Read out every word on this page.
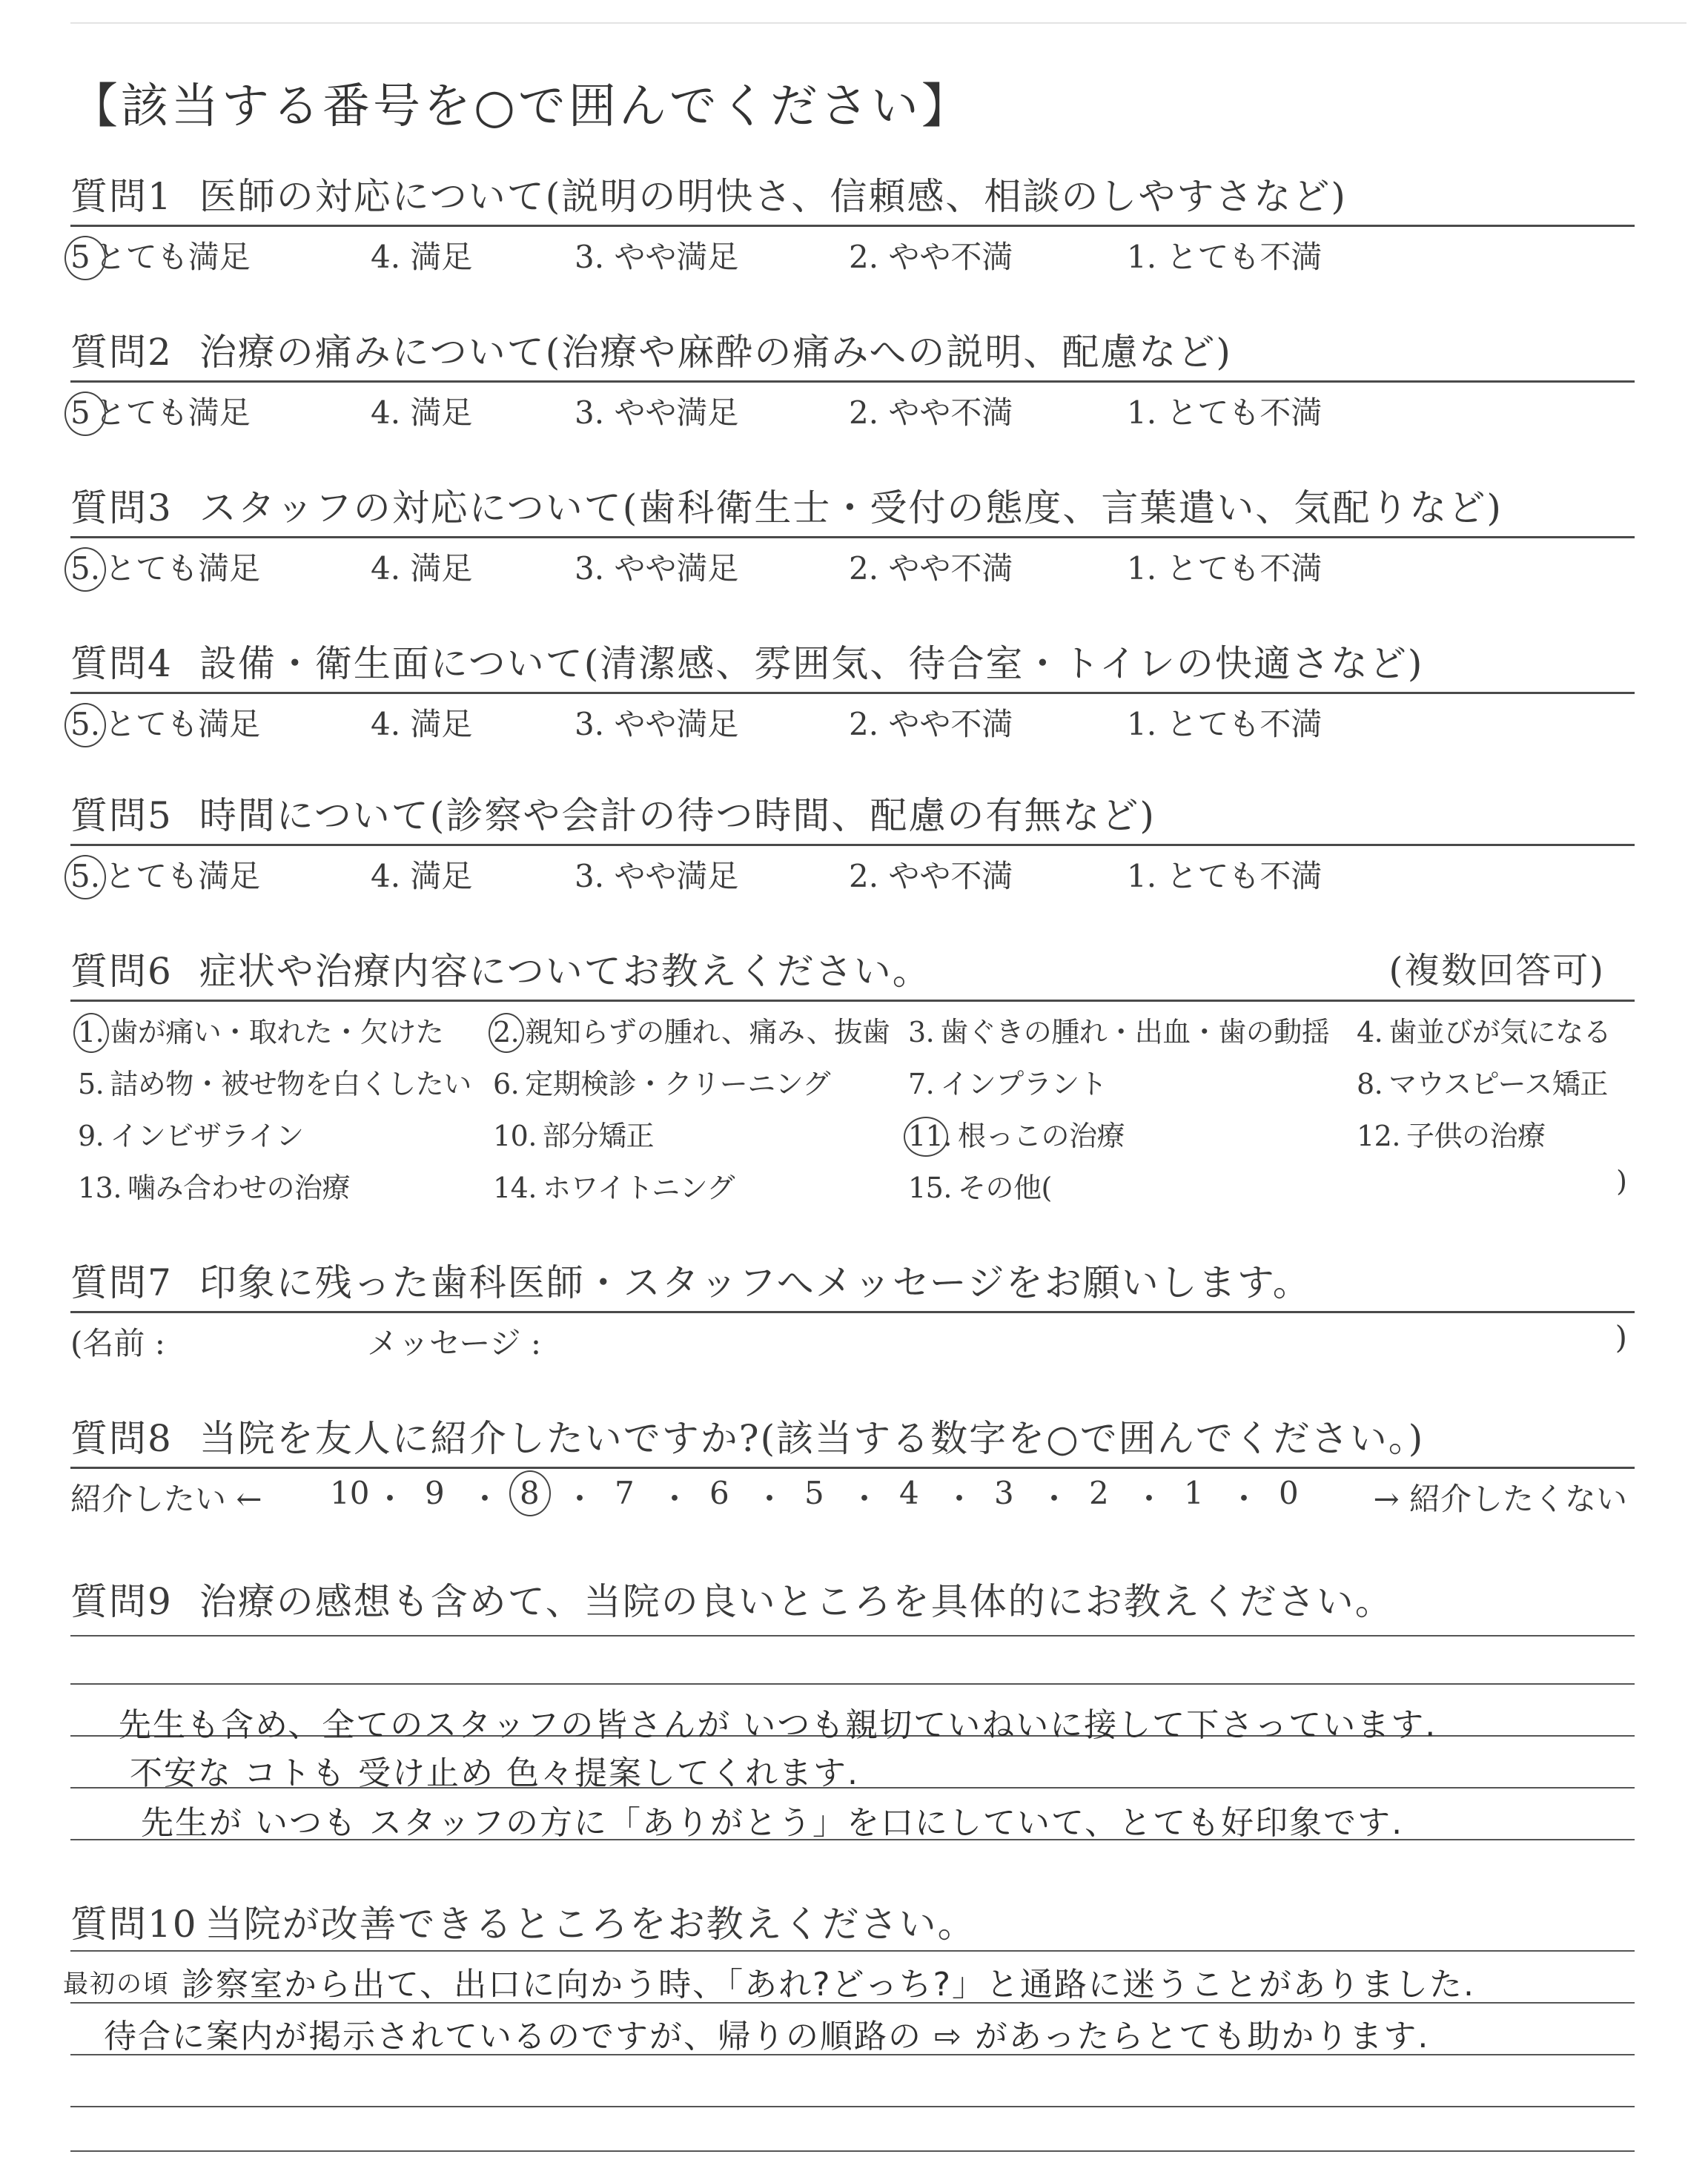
【該当する番号を○で囲んでください】
質問1 医師の対応について(説明の明快さ、信頼感、相談のしやすさなど)
5 とても満足	4. 満足	3. やや満足	2. やや不満	1. とても不満
質問2 治療の痛みについて(治療や麻酔の痛みへの説明、配慮など)
5 とても満足	4. 満足	3. やや満足	2. やや不満	1. とても不満
質問3 スタッフの対応について(歯科衛生士・受付の態度、言葉遣い、気配りなど)
5. とても満足	4. 満足	3. やや満足	2. やや不満	1. とても不満
質問4 設備・衛生面について(清潔感、雰囲気、待合室・トイレの快適さなど)
5. とても満足	4. 満足	3. やや満足	2. やや不満	1. とても不満
質問5 時間について(診察や会計の待つ時間、配慮の有無など)
5. とても満足	4. 満足	3. やや満足	2. やや不満	1. とても不満
質問6 症状や治療内容についてお教えください。	(複数回答可)
)
1. 歯が痛い・取れた・欠けた 2. 親知らずの腫れ、痛み、抜歯 3. 歯ぐきの腫れ・出血・歯の動揺 4. 歯並びが気になる
5. 詰め物・被せ物を白くしたい 6. 定期検診・クリーニング	7. インプラント	8. マウスピース矯正
9. インビザライン	10. 部分矯正	11. 根っこの治療	12. 子供の治療
13. 噛み合わせの治療	14. ホワイトニング	15. その他(
質問7 印象に残った歯科医師・スタッフへメッセージをお願いします。
(名前 :	メッセージ :	)
質問8 当院を友人に紹介したいですか?(該当する数字を○で囲んでください。)
紹介したい ←	→ 紹介したくない
10 ・ 9 ・ 8 ・ 7 ・ 6 ・ 5 ・ 4 ・ 3 ・ 2 ・ 1 ・ 0
質問9 治療の感想も含めて、当院の良いところを具体的にお教えください。
先生も含め、全てのスタッフの皆さんが いつも親切ていねいに接して下さっています.
不安な コトも 受け止め 色々提案してくれます.
先生が いつも スタッフの方に「ありがとう」を口にしていて、とても好印象です.
質問10 当院が改善できるところをお教えください。
最初の頃 診察室から出て、出口に向かう時、「あれ?どっち?」と通路に迷うことがありました.
待合に案内が掲示されているのですが、帰りの順路の ⇨ があったらとても助かります.
